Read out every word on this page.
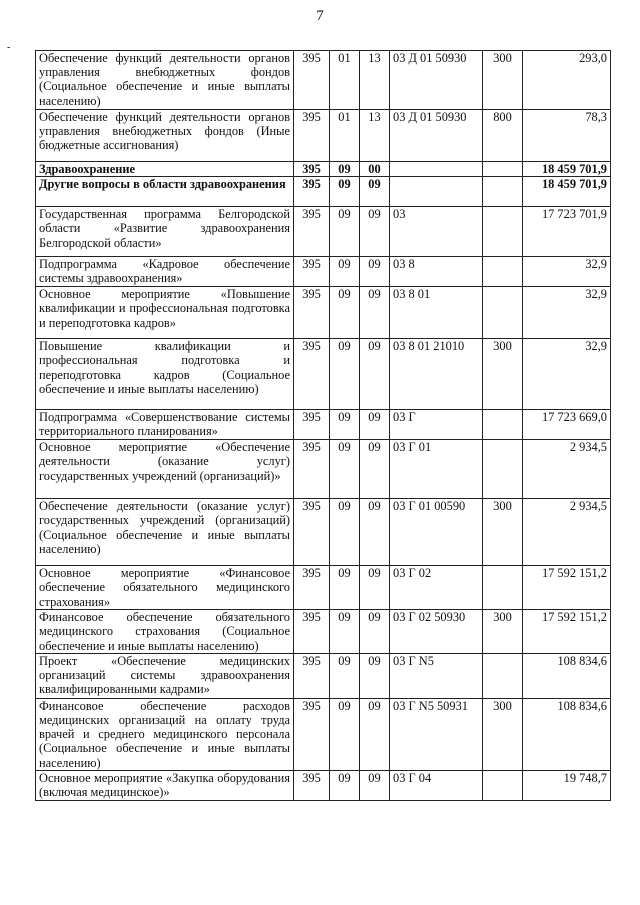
7
-
Обеспечение функций деятельности органов управления внебюджетных фондов (Социальное обеспечение и иные выплаты населению)	395	01	13	03 Д 01 50930	300	293,0
Обеспечение функций деятельности органов управления внебюджетных фондов (Иные бюджетные ассигнования)	395	01	13	03 Д 01 50930	800	78,3
Здравоохранение	395	09	00			18 459 701,9
Другие вопросы в области здравоохранения	395	09	09			18 459 701,9
Государственная программа Белгородской области «Развитие здравоохранения Белгородской области»	395	09	09	03		17 723 701,9
Подпрограмма «Кадровое обеспечение системы здравоохранения»	395	09	09	03 8		32,9
Основное мероприятие «Повышение квалификации и профессиональная подготовка и переподготовка кадров»	395	09	09	03 8 01		32,9
Повышение квалификации и профессиональная подготовка и переподготовка кадров (Социальное обеспечение и иные выплаты населению)	395	09	09	03 8 01 21010	300	32,9
Подпрограмма «Совершенствование системы территориального планирования»	395	09	09	03 Г		17 723 669,0
Основное мероприятие «Обеспечение деятельности (оказание услуг) государственных учреждений (организаций)»	395	09	09	03 Г 01		2 934,5
Обеспечение деятельности (оказание услуг) государственных учреждений (организаций) (Социальное обеспечение и иные выплаты населению)	395	09	09	03 Г 01 00590	300	2 934,5
Основное мероприятие «Финансовое обеспечение обязательного медицинского страхования»	395	09	09	03 Г 02		17 592 151,2
Финансовое обеспечение обязательного медицинского страхования (Социальное обеспечение и иные выплаты населению)	395	09	09	03 Г 02 50930	300	17 592 151,2
Проект «Обеспечение медицинских организаций системы здравоохранения квалифицированными кадрами»	395	09	09	03 Г N5		108 834,6
Финансовое обеспечение расходов медицинских организаций на оплату труда врачей и среднего медицинского персонала (Социальное обеспечение и иные выплаты населению)	395	09	09	03 Г N5 50931	300	108 834,6
Основное мероприятие «Закупка оборудования (включая медицинское)»	395	09	09	03 Г 04		19 748,7
